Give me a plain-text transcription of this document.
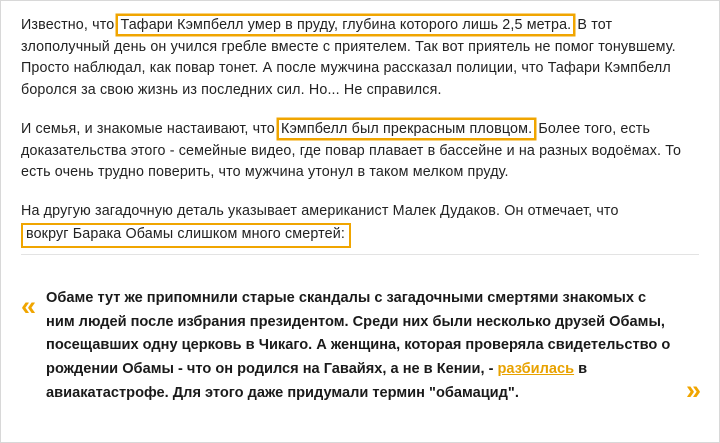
Известно, что Тафари Кэмпбелл умер в пруду, глубина которого лишь 2,5 метра. В тот злополучный день он учился гребле вместе с приятелем. Так вот приятель не помог тонувшему. Просто наблюдал, как повар тонет. А после мужчина рассказал полиции, что Тафари Кэмпбелл боролся за свою жизнь из последних сил. Но... Не справился.

И семья, и знакомые настаивают, что Кэмпбелл был прекрасным пловцом. Более того, есть доказательства этого - семейные видео, где повар плавает в бассейне и на разных водоёмах. То есть очень трудно поверить, что мужчина утонул в таком мелком пруду.

На другую загадочную деталь указывает американист Малек Дудаков. Он отмечает, что вокруг Барака Обамы слишком много смертей:

« Обаме тут же припомнили старые скандалы с загадочными смертями знакомых с ним людей после избрания президентом. Среди них были несколько друзей Обамы, посещавших одну церковь в Чикаго. А женщина, которая проверяла свидетельство о рождении Обамы - что он родился на Гавайях, а не в Кении, - разбилась в авиакатастрофе. Для этого даже придумали термин "обамацид".	»
